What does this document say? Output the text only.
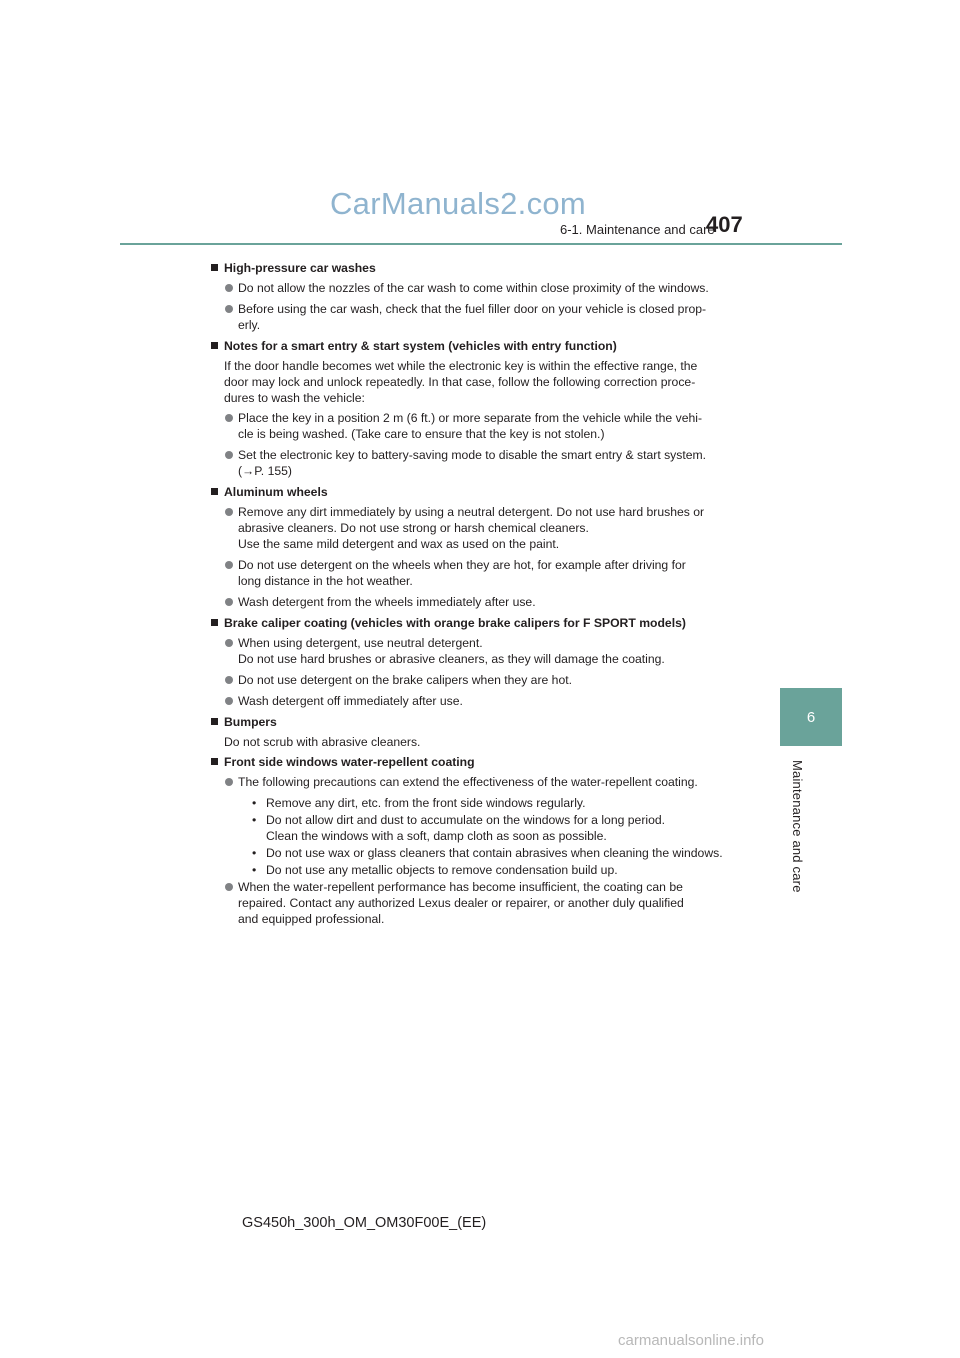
CarManuals2.com
6-1. Maintenance and care
407
6
Maintenance and care
High-pressure car washes
Do not allow the nozzles of the car wash to come within close proximity of the windows.
Before using the car wash, check that the fuel filler door on your vehicle is closed prop-
erly.
Notes for a smart entry & start system (vehicles with entry function)
If the door handle becomes wet while the electronic key is within the effective range, the
door may lock and unlock repeatedly. In that case, follow the following correction proce-
dures to wash the vehicle:
Place the key in a position 2 m (6 ft.) or more separate from the vehicle while the vehi-
cle is being washed. (Take care to ensure that the key is not stolen.)
Set the electronic key to battery-saving mode to disable the smart entry & start system.
(→P. 155)
Aluminum wheels
Remove any dirt immediately by using a neutral detergent. Do not use hard brushes or
abrasive cleaners. Do not use strong or harsh chemical cleaners.
Use the same mild detergent and wax as used on the paint.
Do not use detergent on the wheels when they are hot, for example after driving for
long distance in the hot weather.
Wash detergent from the wheels immediately after use.
Brake caliper coating (vehicles with orange brake calipers for F SPORT models)
When using detergent, use neutral detergent.
Do not use hard brushes or abrasive cleaners, as they will damage the coating.
Do not use detergent on the brake calipers when they are hot.
Wash detergent off immediately after use.
Bumpers
Do not scrub with abrasive cleaners.
Front side windows water-repellent coating
The following precautions can extend the effectiveness of the water-repellent coating.
• Remove any dirt, etc. from the front side windows regularly.
• Do not allow dirt and dust to accumulate on the windows for a long period.
Clean the windows with a soft, damp cloth as soon as possible.
• Do not use wax or glass cleaners that contain abrasives when cleaning the windows.
• Do not use any metallic objects to remove condensation build up.
When the water-repellent performance has become insufficient, the coating can be
repaired. Contact any authorized Lexus dealer or repairer, or another duly qualified
and equipped professional.
GS450h_300h_OM_OM30F00E_(EE)
carmanualsonline.info
